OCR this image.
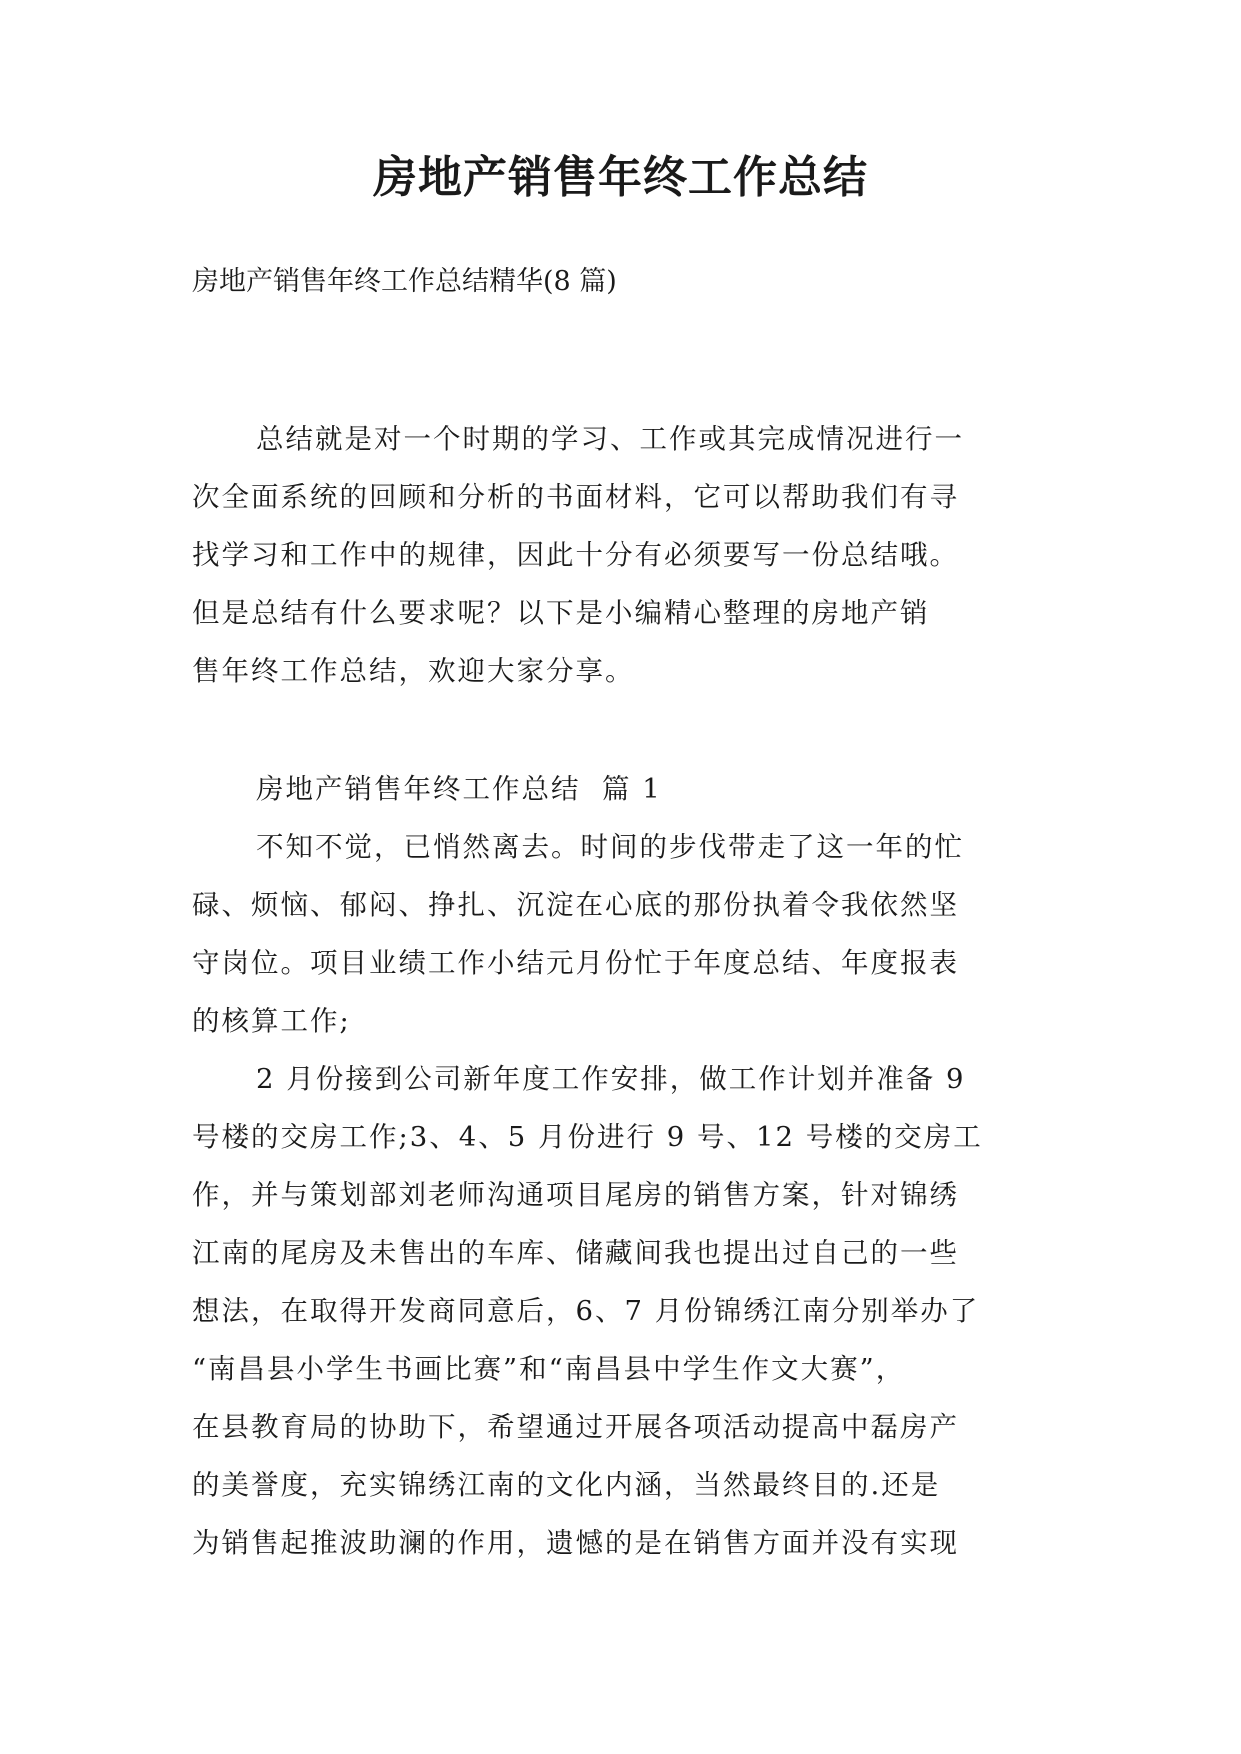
房地产销售年终工作总结

房地产销售年终工作总结精华(8 篇)

总结就是对一个时期的学习、工作或其完成情况进行一
次全面系统的回顾和分析的书面材料，它可以帮助我们有寻
找学习和工作中的规律，因此十分有必须要写一份总结哦。
但是总结有什么要求呢？以下是小编精心整理的房地产销
售年终工作总结，欢迎大家分享。
房地产销售年终工作总结  篇 1
不知不觉，已悄然离去。时间的步伐带走了这一年的忙
碌、烦恼、郁闷、挣扎、沉淀在心底的那份执着令我依然坚
守岗位。项目业绩工作小结元月份忙于年度总结、年度报表
的核算工作;
2 月份接到公司新年度工作安排，做工作计划并准备 9
号楼的交房工作;3、4、5 月份进行 9 号、12 号楼的交房工
作，并与策划部刘老师沟通项目尾房的销售方案，针对锦绣
江南的尾房及未售出的车库、储藏间我也提出过自己的一些
想法，在取得开发商同意后，6、7 月份锦绣江南分别举办了
“南昌县小学生书画比赛”和“南昌县中学生作文大赛”，
在县教育局的协助下，希望通过开展各项活动提高中磊房产
的美誉度，充实锦绣江南的文化内涵，当然最终目的.还是
为销售起推波助澜的作用，遗憾的是在销售方面并没有实现
